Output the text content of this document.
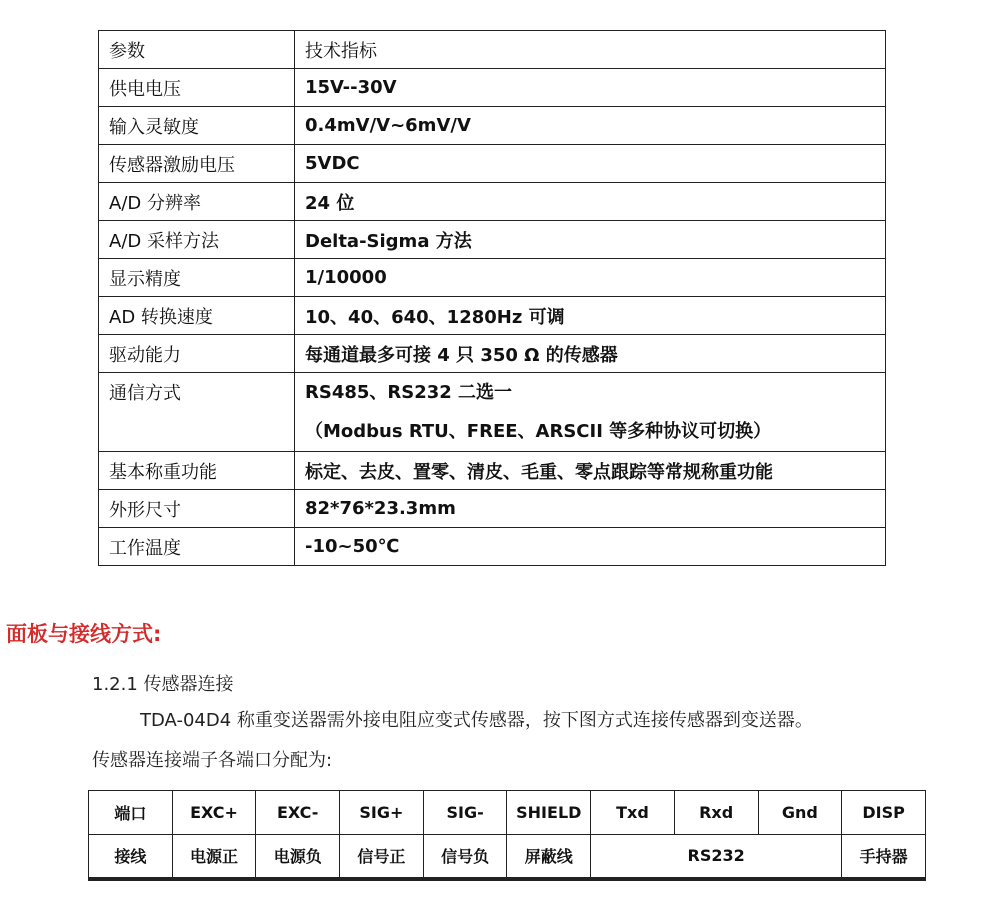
参数	技术指标
供电电压	15V--30V
输入灵敏度	0.4mV/V~6mV/V
传感器激励电压	5VDC
A/D 分辨率	24 位
A/D 采样方法	Delta-Sigma 方法
显示精度	1/10000
AD 转换速度	10、40、640、1280Hz 可调
驱动能力	每通道最多可接 4 只 350 Ω 的传感器
通信方式	RS485、RS232 二选一
（Modbus RTU、FREE、ARSCII 等多种协议可切换）

基本称重功能	标定、去皮、置零、清皮、毛重、零点跟踪等常规称重功能
外形尺寸	82*76*23.3mm
工作温度	-10~50℃
面板与接线方式:
1.2.1 传感器连接
TDA-04D4 称重变送器需外接电阻应变式传感器，按下图方式连接传感器到变送器。
传感器连接端子各端口分配为:
端口	EXC+	EXC-	SIG+	SIG-	SHIELD	Txd	Rxd	Gnd	DISP
接线	电源正	电源负	信号正	信号负	屏蔽线	RS232			手持器
